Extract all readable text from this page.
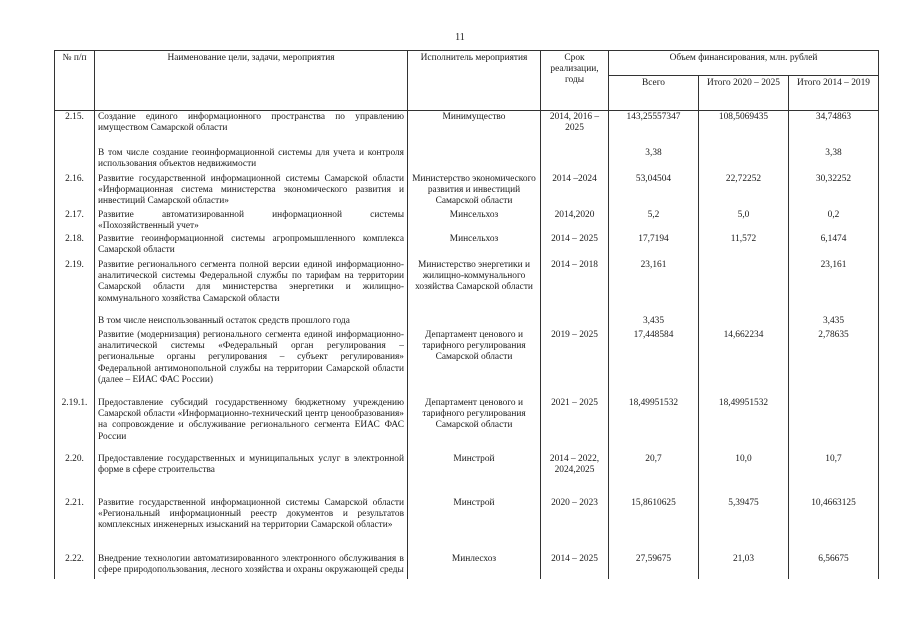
11
№ п/п	Наименование цели, задачи, мероприятия	Исполнитель мероприятия	Срок реализации, годы	Объем финансирования, млн. рублей		
				Всего	Итого 2020 – 2025	Итого 2014 – 2019
2.15.	Создание единого информационного пространства по управлению имуществом Самарской области	Минимущество	2014, 2016 – 2025	143,25557347	108,5069435	34,74863
	В том числе создание геоинформационной системы для учета и контроля использования объектов недвижимости			3,38		3,38
2.16.	Развитие государственной информационной системы Самарской области «Информационная система министерства экономического развития и инвестиций Самарской области»	Министерство экономического развития и инвестиций Самарской области	2014 –2024	53,04504	22,72252	30,32252
2.17.	Развитие автоматизированной информационной системы «Похозяйственный учет»	Минсельхоз	2014,2020	5,2	5,0	0,2
2.18.	Развитие геоинформационной системы агропромышленного комплекса Самарской области	Минсельхоз	2014 – 2025	17,7194	11,572	6,1474
2.19.	Развитие регионального сегмента полной версии единой информационно-аналитической системы Федеральной службы по тарифам на территории Самарской области для министерства энергетики и жилищно-коммунального хозяйства Самарской области	Министерство энергетики и жилищно-коммунального хозяйства Самарской области	2014 – 2018	23,161		23,161
	В том числе неиспользованный остаток средств прошлого года			3,435		3,435
	Развитие (модернизация) регионального сегмента единой информационно-аналитической системы «Федеральный орган регулирования – региональные органы регулирования – субъект регулирования» Федеральной антимонопольной службы на территории Самарской области (далее – ЕИАС ФАС России)	Департамент ценового и тарифного регулирования Самарской области	2019 – 2025	17,448584	14,662234	2,78635
2.19.1.	Предоставление субсидий государственному бюджетному учреждению Самарской области «Информационно-технический центр ценообразования» на сопровождение и обслуживание регионального сегмента ЕИАС ФАС России	Департамент ценового и тарифного регулирования Самарской области	2021 – 2025	18,49951532	18,49951532	
2.20.	Предоставление государственных и муниципальных услуг в электронной форме в сфере строительства	Минстрой	2014 – 2022, 2024,2025	20,7	10,0	10,7
2.21.	Развитие государственной информационной системы Самарской области «Региональный информационный реестр документов и результатов комплексных инженерных изысканий на территории Самарской области»	Минстрой	2020 – 2023	15,8610625	5,39475	10,4663125
2.22.	Внедрение технологии автоматизированного электронного обслуживания в сфере природопользования, лесного хозяйства и охраны окружающей среды	Минлесхоз	2014 – 2025	27,59675	21,03	6,56675
